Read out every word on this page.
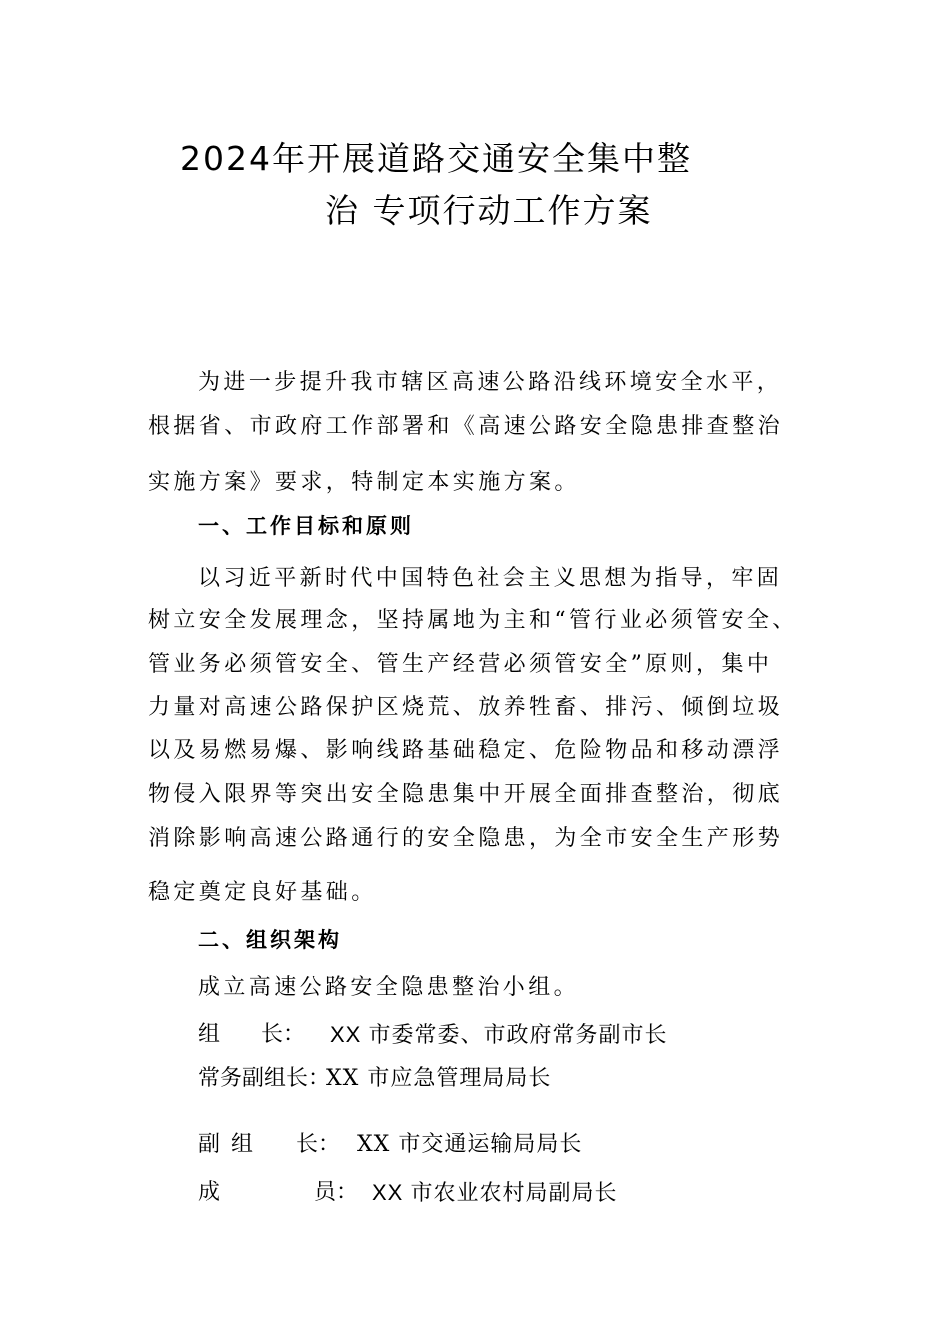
2024年开展道路交通安全集中整
治 专项行动工作方案
为进一步提升我市辖区高速公路沿线环境安全水平，
根据省、市政府工作部署和《高速公路安全隐患排查整治
实施方案》要求，特制定本实施方案。
一、工作目标和原则
以习近平新时代中国特色社会主义思想为指导，牢固
树立安全发展理念，坚持属地为主和“管行业必须管安全、
管业务必须管安全、管生产经营必须管安全”原则，集中
力量对高速公路保护区烧荒、放养牲畜、排污、倾倒垃圾
以及易燃易爆、影响线路基础稳定、危险物品和移动漂浮
物侵入限界等突出安全隐患集中开展全面排查整治，彻底
消除影响高速公路通行的安全隐患，为全市安全生产形势
稳定奠定良好基础。
二、组织架构
成立高速公路安全隐患整治小组。
组 长： XX 市委常委、市政府常务副市长
常务副组长：
XX 市应急管理局局长
副 组 长： XX 市交通运输局局长
成	员： XX 市农业农村局副局长
